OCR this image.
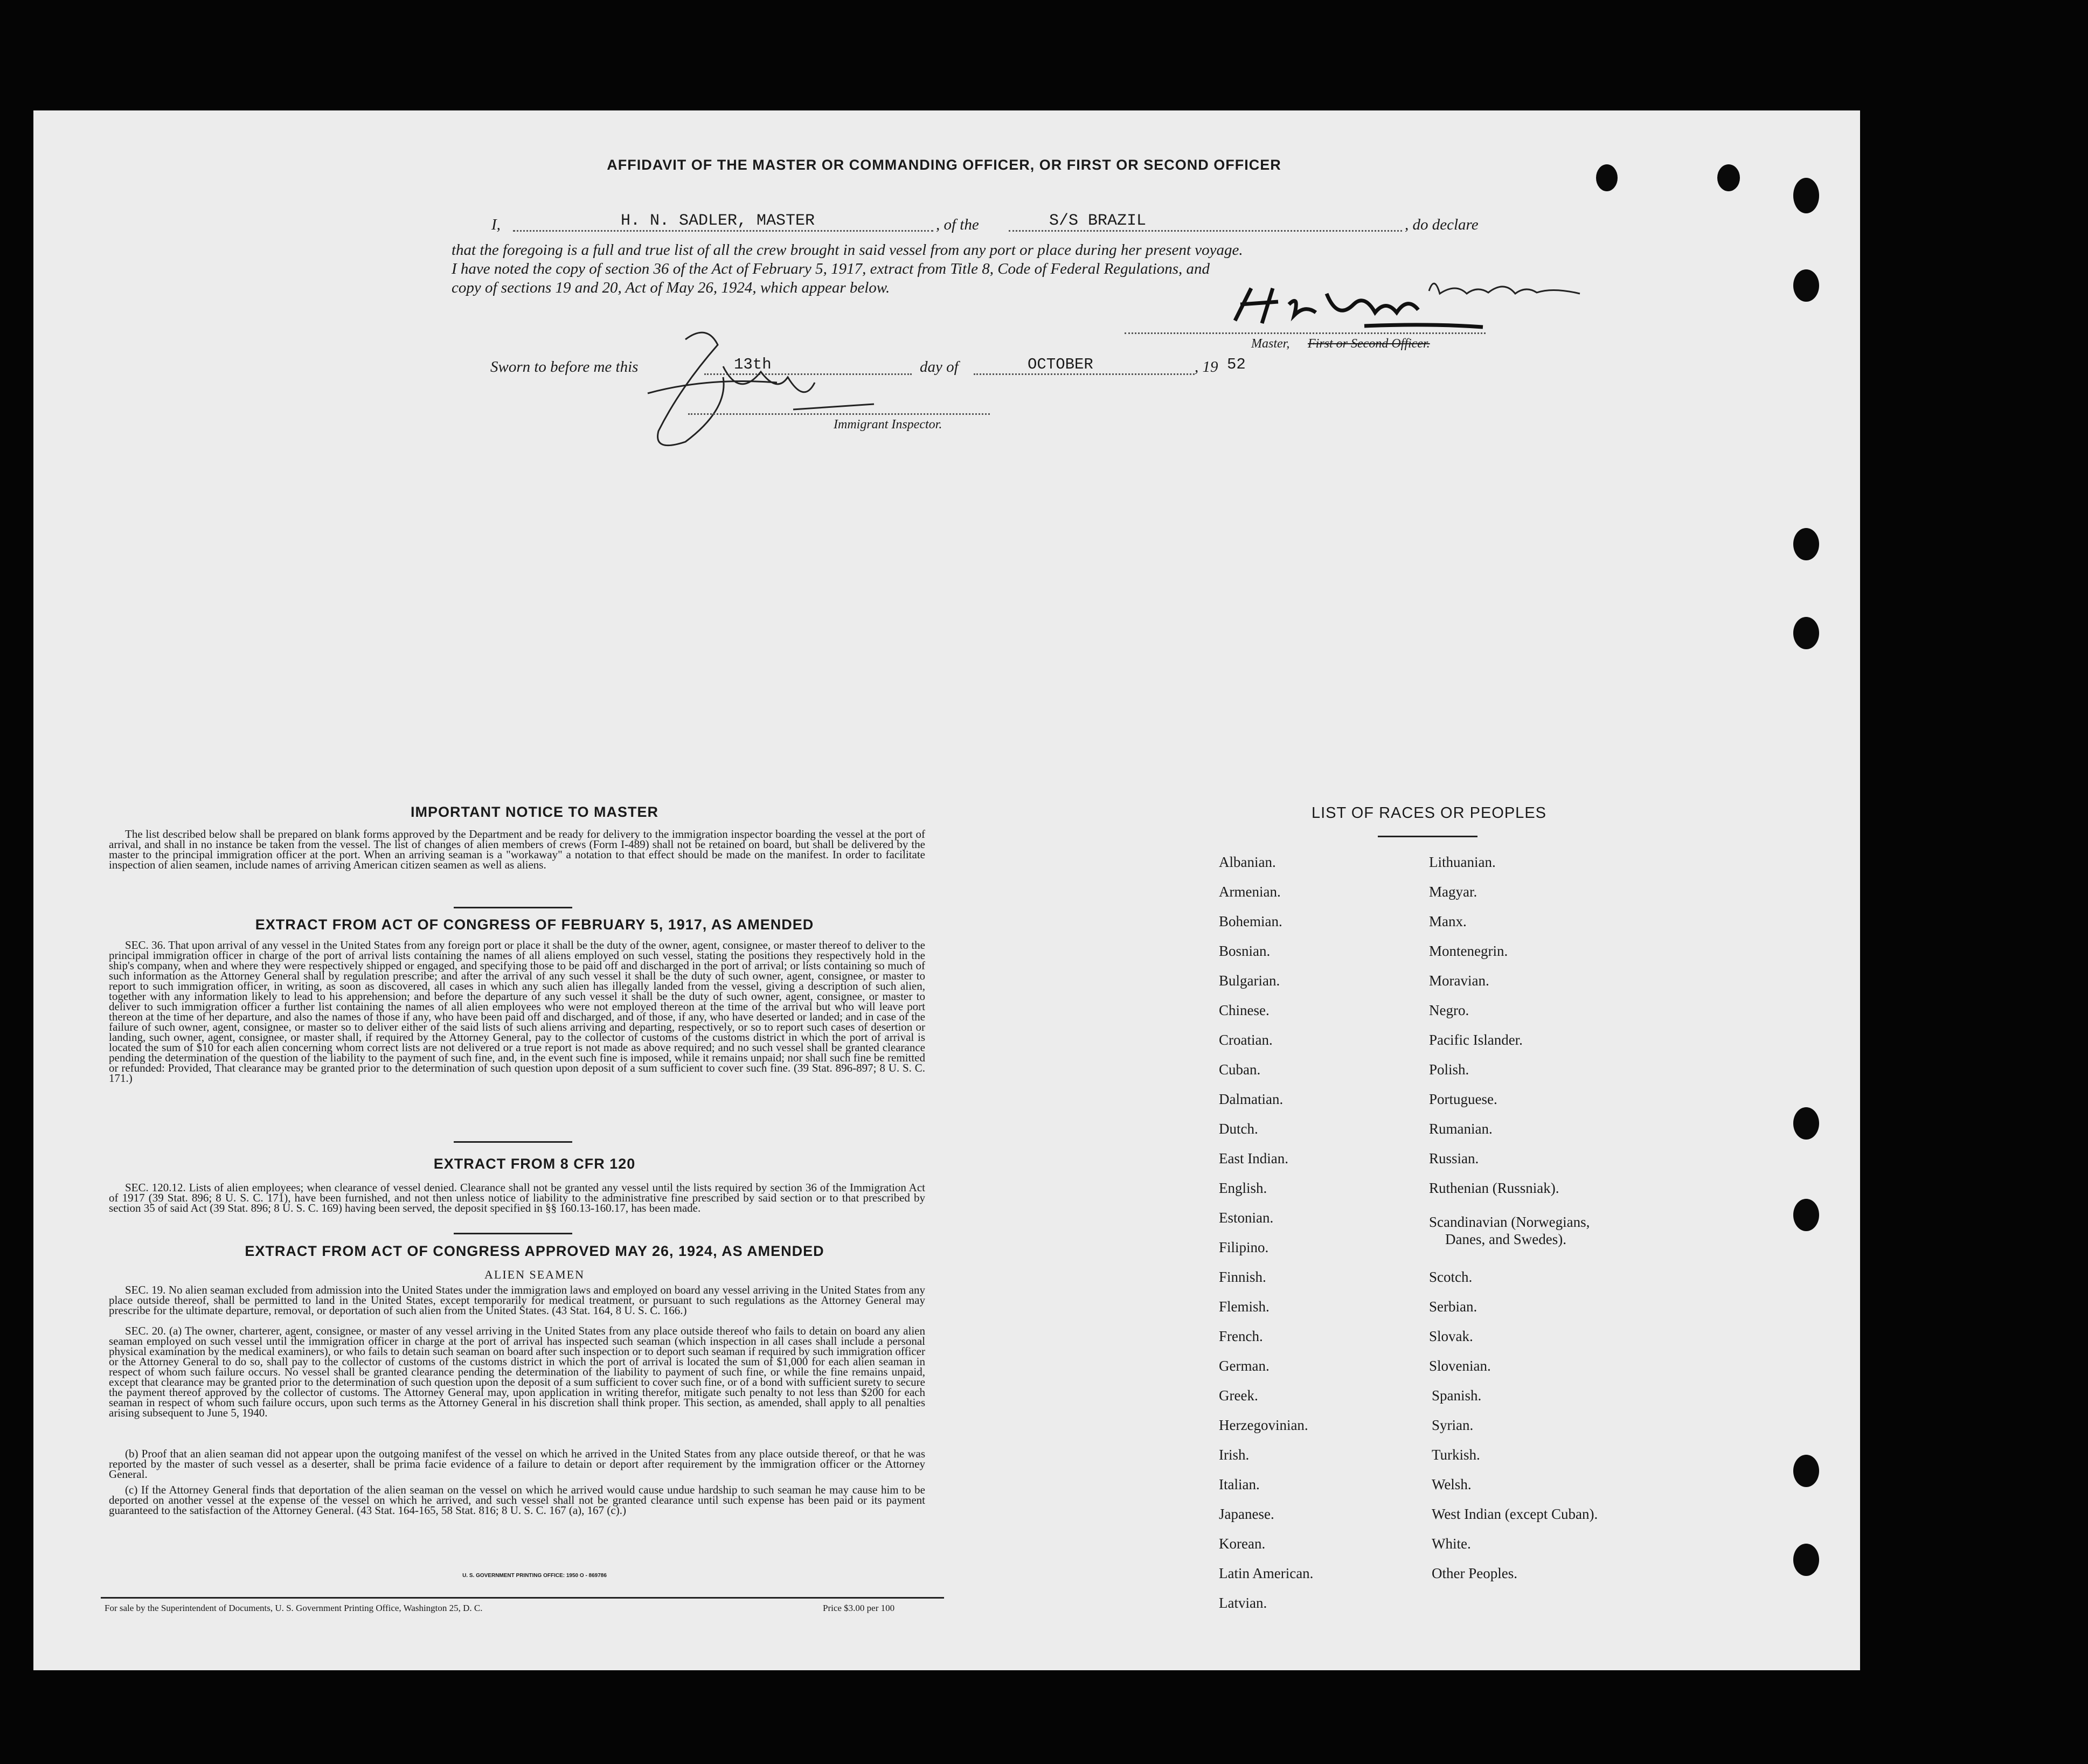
AFFIDAVIT OF THE MASTER OR COMMANDING OFFICER, OR FIRST OR SECOND OFFICER
I,	H. N. SADLER, MASTER	, of the	S/S BRAZIL	, do declare
that the foregoing is a full and true list of all the crew brought in said vessel from any port or place during her present voyage.
I have noted the copy of section 36 of the Act of February 5, 1917, extract from Title 8, Code of Federal Regulations, and
copy of sections 19 and 20, Act of May 26, 1924, which appear below.
Master, First or Second Officer.
Sworn to before me this	13th	day of	OCTOBER	, 19 52
Immigrant Inspector.
IMPORTANT NOTICE TO MASTER

The list described below shall be prepared on blank forms approved by the Department and be ready for delivery to the immigration inspector boarding the vessel at the port of arrival, and shall in no instance be taken from the vessel. The list of changes of alien members of crews (Form I-489) shall not be retained on board, but shall be delivered by the master to the principal immigration officer at the port. When an arriving seaman is a "workaway" a notation to that effect should be made on the manifest. In order to facilitate inspection of alien seamen, include names of arriving American citizen seamen as well as aliens.

EXTRACT FROM ACT OF CONGRESS OF FEBRUARY 5, 1917, AS AMENDED

SEC. 36. That upon arrival of any vessel in the United States from any foreign port or place it shall be the duty of the owner, agent, consignee, or master thereof to deliver to the principal immigration officer in charge of the port of arrival lists containing the names of all aliens employed on such vessel, stating the positions they respectively hold in the ship's company, when and where they were respectively shipped or engaged, and specifying those to be paid off and discharged in the port of arrival; or lists containing so much of such information as the Attorney General shall by regulation prescribe; and after the arrival of any such vessel it shall be the duty of such owner, agent, consignee, or master to report to such immigration officer, in writing, as soon as discovered, all cases in which any such alien has illegally landed from the vessel, giving a description of such alien, together with any information likely to lead to his apprehension; and before the departure of any such vessel it shall be the duty of such owner, agent, consignee, or master to deliver to such immigration officer a further list containing the names of all alien employees who were not employed thereon at the time of the arrival but who will leave port thereon at the time of her departure, and also the names of those if any, who have been paid off and discharged, and of those, if any, who have deserted or landed; and in case of the failure of such owner, agent, consignee, or master so to deliver either of the said lists of such aliens arriving and departing, respectively, or so to report such cases of desertion or landing, such owner, agent, consignee, or master shall, if required by the Attorney General, pay to the collector of customs of the customs district in which the port of arrival is located the sum of $10 for each alien concerning whom correct lists are not delivered or a true report is not made as above required; and no such vessel shall be granted clearance pending the determination of the question of the liability to the payment of such fine, and, in the event such fine is imposed, while it remains unpaid; nor shall such fine be remitted or refunded: Provided, That clearance may be granted prior to the determination of such question upon deposit of a sum sufficient to cover such fine. (39 Stat. 896-897; 8 U. S. C. 171.)

EXTRACT FROM 8 CFR 120

SEC. 120.12. Lists of alien employees; when clearance of vessel denied. Clearance shall not be granted any vessel until the lists required by section 36 of the Immigration Act of 1917 (39 Stat. 896; 8 U. S. C. 171), have been furnished, and not then unless notice of liability to the administrative fine prescribed by said section or to that prescribed by section 35 of said Act (39 Stat. 896; 8 U. S. C. 169) having been served, the deposit specified in §§ 160.13-160.17, has been made.

EXTRACT FROM ACT OF CONGRESS APPROVED MAY 26, 1924, AS AMENDED
ALIEN SEAMEN

SEC. 19. No alien seaman excluded from admission into the United States under the immigration laws and employed on board any vessel arriving in the United States from any place outside thereof, shall be permitted to land in the United States, except temporarily for medical treatment, or pursuant to such regulations as the Attorney General may prescribe for the ultimate departure, removal, or deportation of such alien from the United States. (43 Stat. 164, 8 U. S. C. 166.)

SEC. 20. (a) The owner, charterer, agent, consignee, or master of any vessel arriving in the United States from any place outside thereof who fails to detain on board any alien seaman employed on such vessel until the immigration officer in charge at the port of arrival has inspected such seaman (which inspection in all cases shall include a personal physical examination by the medical examiners), or who fails to detain such seaman on board after such inspection or to deport such seaman if required by such immigration officer or the Attorney General to do so, shall pay to the collector of customs of the customs district in which the port of arrival is located the sum of $1,000 for each alien seaman in respect of whom such failure occurs. No vessel shall be granted clearance pending the determination of the liability to payment of such fine, or while the fine remains unpaid, except that clearance may be granted prior to the determination of such question upon the deposit of a sum sufficient to cover such fine, or of a bond with sufficient surety to secure the payment thereof approved by the collector of customs. The Attorney General may, upon application in writing therefor, mitigate such penalty to not less than $200 for each seaman in respect of whom such failure occurs, upon such terms as the Attorney General in his discretion shall think proper. This section, as amended, shall apply to all penalties arising subsequent to June 5, 1940.

(b) Proof that an alien seaman did not appear upon the outgoing manifest of the vessel on which he arrived in the United States from any place outside thereof, or that he was reported by the master of such vessel as a deserter, shall be prima facie evidence of a failure to detain or deport after requirement by the immigration officer or the Attorney General.

(c) If the Attorney General finds that deportation of the alien seaman on the vessel on which he arrived would cause undue hardship to such seaman he may cause him to be deported on another vessel at the expense of the vessel on which he arrived, and such vessel shall not be granted clearance until such expense has been paid or its payment guaranteed to the satisfaction of the Attorney General. (43 Stat. 164-165, 58 Stat. 816; 8 U. S. C. 167 (a), 167 (c).)

U. S. GOVERNMENT PRINTING OFFICE: 1950 O - 869786
For sale by the Superintendent of Documents, U. S. Government Printing Office, Washington 25, D. C.	Price $3.00 per 100
LIST OF RACES OR PEOPLES
Albanian.
Armenian.
Bohemian.
Bosnian.
Bulgarian.
Chinese.
Croatian.
Cuban.
Dalmatian.
Dutch.
East Indian.
English.
Estonian.
Filipino.
Finnish.
Flemish.
French.
German.
Greek.
Herzegovinian.
Irish.
Italian.
Japanese.
Korean.
Latin American.
Latvian.
Lithuanian.
Magyar.
Manx.
Montenegrin.
Moravian.
Negro.
Pacific Islander.
Polish.
Portuguese.
Rumanian.
Russian.
Ruthenian (Russniak).
Scandinavian (Norwegians,
Danes, and Swedes).
Scotch.
Serbian.
Slovak.
Slovenian.
Spanish.
Syrian.
Turkish.
Welsh.
West Indian (except Cuban).
White.
Other Peoples.
